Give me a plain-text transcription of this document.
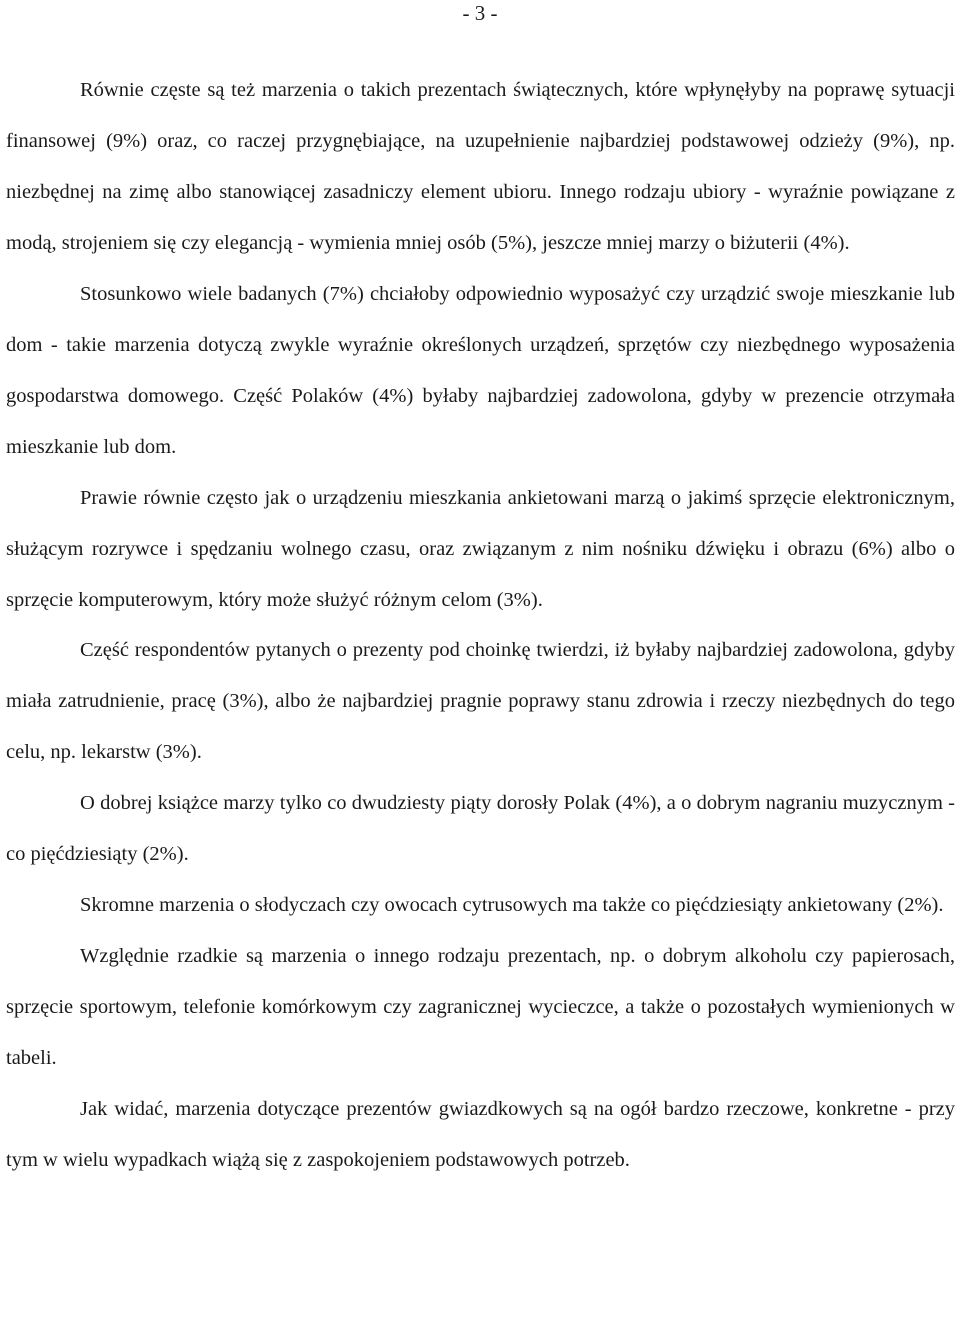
- 3 -

Równie częste są też marzenia o takich prezentach świątecznych, które wpłynęłyby na poprawę sytuacji finansowej (9%) oraz, co raczej przygnębiające, na uzupełnienie najbardziej podstawowej odzieży (9%), np. niezbędnej na zimę albo stanowiącej zasadniczy element ubioru. Innego rodzaju ubiory - wyraźnie powiązane z modą, strojeniem się czy elegancją - wymienia mniej osób (5%), jeszcze mniej marzy o biżuterii (4%).

Stosunkowo wiele badanych (7%) chciałoby odpowiednio wyposażyć czy urządzić swoje mieszkanie lub dom - takie marzenia dotyczą zwykle wyraźnie określonych urządzeń, sprzętów czy niezbędnego wyposażenia gospodarstwa domowego. Część Polaków (4%) byłaby najbardziej zadowolona, gdyby w prezencie otrzymała mieszkanie lub dom.

Prawie równie często jak o urządzeniu mieszkania ankietowani marzą o jakimś sprzęcie elektronicznym, służącym rozrywce i spędzaniu wolnego czasu, oraz związanym z nim nośniku dźwięku i obrazu (6%) albo o sprzęcie komputerowym, który może służyć różnym celom (3%).

Część respondentów pytanych o prezenty pod choinkę twierdzi, iż byłaby najbardziej zadowolona, gdyby miała zatrudnienie, pracę (3%), albo że najbardziej pragnie poprawy stanu zdrowia i rzeczy niezbędnych do tego celu, np. lekarstw (3%).

O dobrej książce marzy tylko co dwudziesty piąty dorosły Polak (4%), a o dobrym nagraniu muzycznym - co pięćdziesiąty (2%).

Skromne marzenia o słodyczach czy owocach cytrusowych ma także co pięćdziesiąty ankietowany (2%).

Względnie rzadkie są marzenia o innego rodzaju prezentach, np. o dobrym alkoholu czy papierosach, sprzęcie sportowym, telefonie komórkowym czy zagranicznej wycieczce, a także o pozostałych wymienionych w tabeli.

Jak widać, marzenia dotyczące prezentów gwiazdkowych są na ogół bardzo rzeczowe, konkretne - przy tym w wielu wypadkach wiążą się z zaspokojeniem podstawowych potrzeb.
